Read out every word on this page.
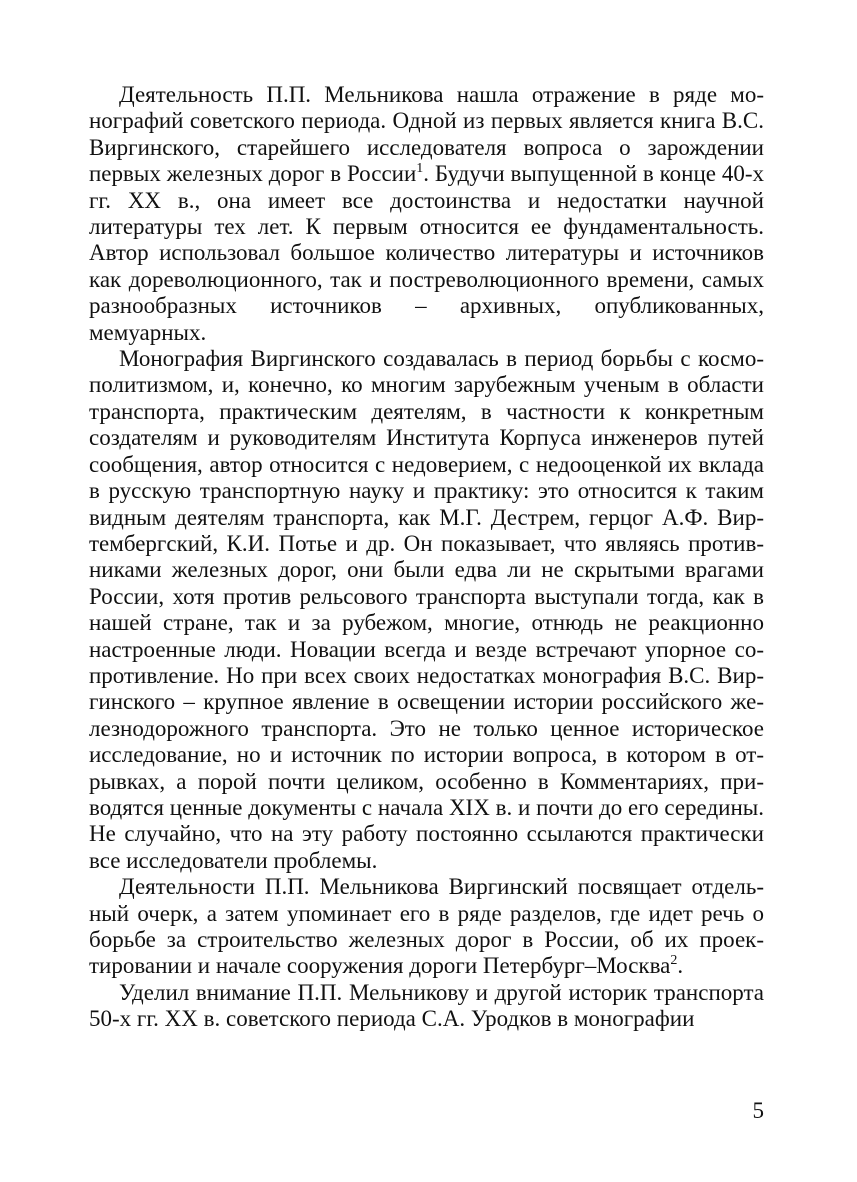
Деятельность П.П. Мельникова нашла отражение в ряде монографий советского периода. Одной из первых является книга В.С. Виргинского, старейшего исследователя вопроса о зарождении первых железных дорог в России$^1$. Будучи выпущенной в конце 40-х гг. XX в., она имеет все достоинства и недостатки научной литературы тех лет. К первым относится ее фундаментальность. Автор использовал большое количество литературы и источников как дореволюционного, так и постреволюционного времени, самых разнообразных источников – архивных, опубликованных, мемуарных.

Монография Виргинского создавалась в период борьбы с космополитизмом, и, конечно, ко многим зарубежным ученым в области транспорта, практическим деятелям, в частности к конкретным создателям и руководителям Института Корпуса инженеров путей сообщения, автор относится с недоверием, с недооценкой их вклада в русскую транспортную науку и практику: это относится к таким видным деятелям транспорта, как М.Г. Дестрем, герцог А.Ф. Виртембергский, К.И. Потье и др. Он показывает, что являясь противниками железных дорог, они были едва ли не скрытыми врагами России, хотя против рельсового транспорта выступали тогда, как в нашей стране, так и за рубежом, многие, отнюдь не реакционно настроенные люди. Новации всегда и везде встречают упорное сопротивление. Но при всех своих недостатках монография В.С. Виргинского – крупное явление в освещении истории российского железнодорожного транспорта. Это не только ценное историческое исследование, но и источник по истории вопроса, в котором в отрывках, а порой почти целиком, особенно в Комментариях, приводятся ценные документы с начала XIX в. и почти до его середины. Не случайно, что на эту работу постоянно ссылаются практически все исследователи проблемы.

Деятельности П.П. Мельникова Виргинский посвящает отдельный очерк, а затем упоминает его в ряде разделов, где идет речь о борьбе за строительство железных дорог в России, об их проектировании и начале сооружения дороги Петербург–Москва$^2$.

Уделил внимание П.П. Мельникову и другой историк транспорта 50-х гг. XX в. советского периода С.А. Уродков в монографии

5
